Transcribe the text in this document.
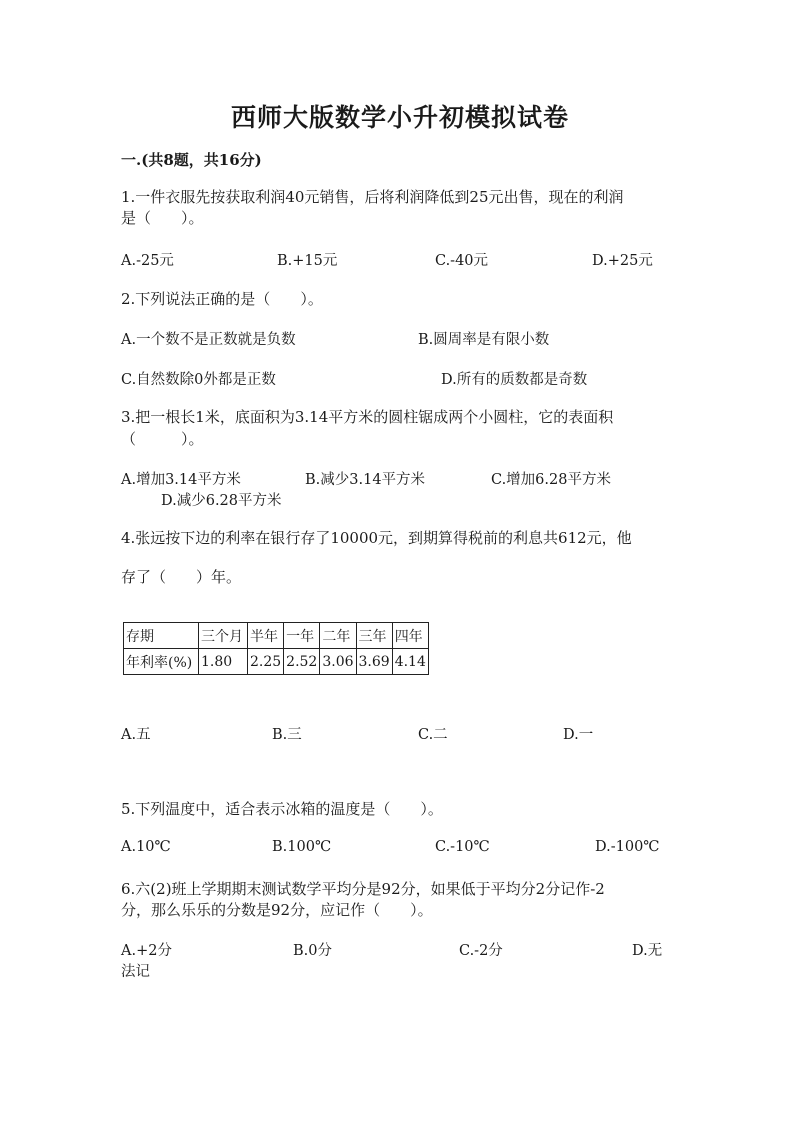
西师大版数学小升初模拟试卷
一.(共8题，共16分)
1.一件衣服先按获取利润40元销售，后将利润降低到25元出售，现在的利润
是（　　）。
A.-25元	B.+15元	C.-40元	D.+25元
2.下列说法正确的是（　　）。
A.一个数不是正数就是负数	B.圆周率是有限小数
C.自然数除0外都是正数	D.所有的质数都是奇数
3.把一根长1米，底面积为3.14平方米的圆柱锯成两个小圆柱，它的表面积
（　　　）。
A.增加3.14平方米	B.减少3.14平方米	C.增加6.28平方米
D.减少6.28平方米
4.张远按下边的利率在银行存了10000元，到期算得税前的利息共612元，他
存了（　　）年。
存期	三个月	半年	一年	二年	三年	四年
年利率(%)	1.80	2.25	2.52	3.06	3.69	4.14
A.五	B.三	C.二	D.一
5.下列温度中，适合表示冰箱的温度是（　　）。
A.10℃	B.100℃	C.-10℃	D.-100℃
6.六(2)班上学期期末测试数学平均分是92分，如果低于平均分2分记作-2
分，那么乐乐的分数是92分，应记作（　　）。
A.+2分	B.0分	C.-2分	D.无
法记
